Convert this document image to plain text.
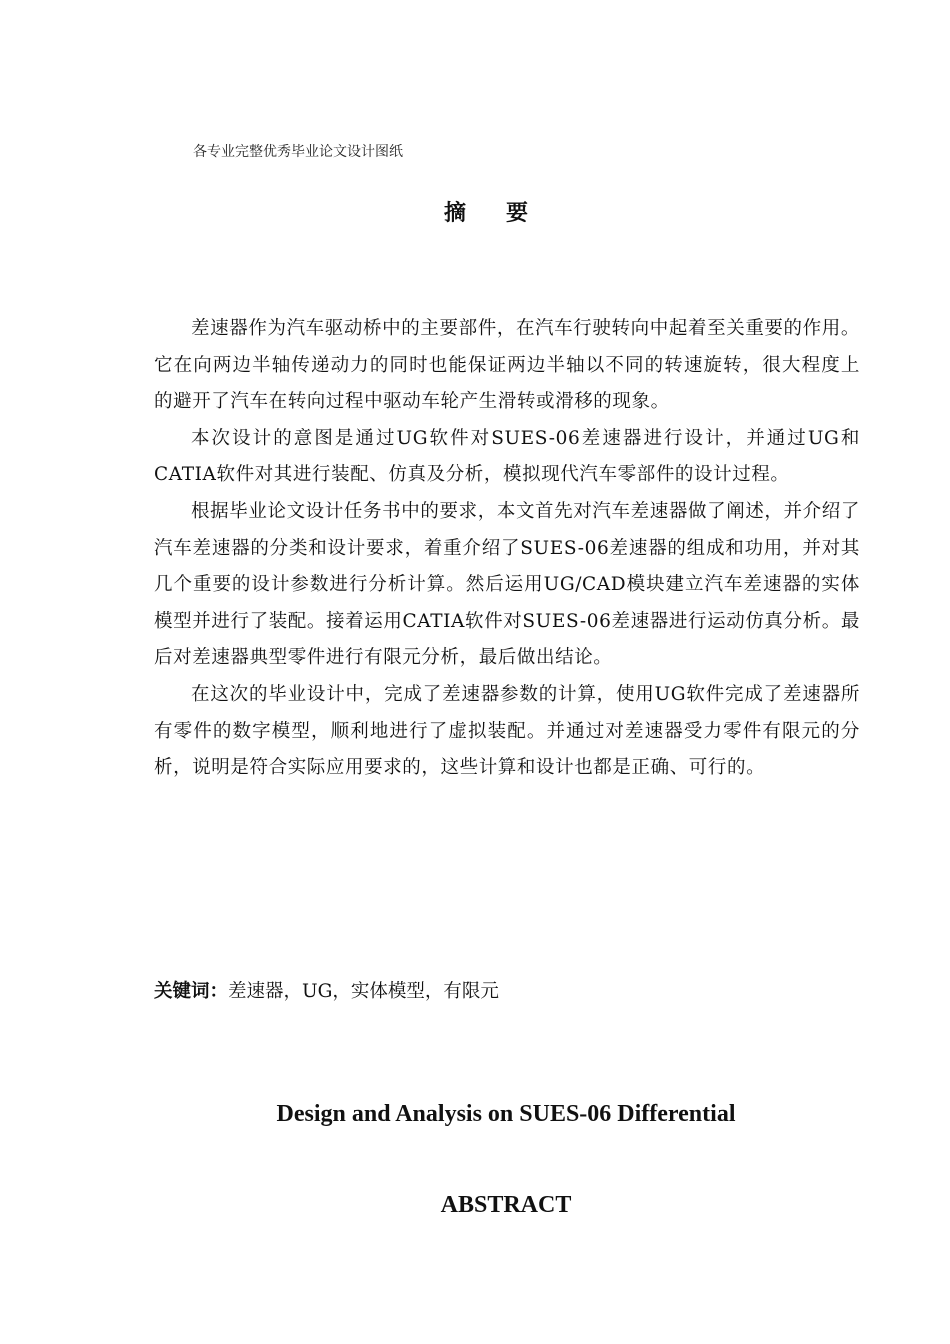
各专业完整优秀毕业论文设计图纸
摘要

差速器作为汽车驱动桥中的主要部件，在汽车行驶转向中起着至关重要的作用。它在向两边半轴传递动力的同时也能保证两边半轴以不同的转速旋转，很大程度上的避开了汽车在转向过程中驱动车轮产生滑转或滑移的现象。

本次设计的意图是通过UG软件对SUES-06差速器进行设计，并通过UG和CATIA软件对其进行装配、仿真及分析，模拟现代汽车零部件的设计过程。

根据毕业论文设计任务书中的要求，本文首先对汽车差速器做了阐述，并介绍了汽车差速器的分类和设计要求，着重介绍了SUES-06差速器的组成和功用，并对其几个重要的设计参数进行分析计算。然后运用UG/CAD模块建立汽车差速器的实体模型并进行了装配。接着运用CATIA软件对SUES-06差速器进行运动仿真分析。最后对差速器典型零件进行有限元分析，最后做出结论。

在这次的毕业设计中，完成了差速器参数的计算，使用UG软件完成了差速器所有零件的数字模型，顺利地进行了虚拟装配。并通过对差速器受力零件有限元的分析，说明是符合实际应用要求的，这些计算和设计也都是正确、可行的。

关键词：差速器，UG，实体模型，有限元
Design and Analysis on SUES-06 Differential
ABSTRACT
